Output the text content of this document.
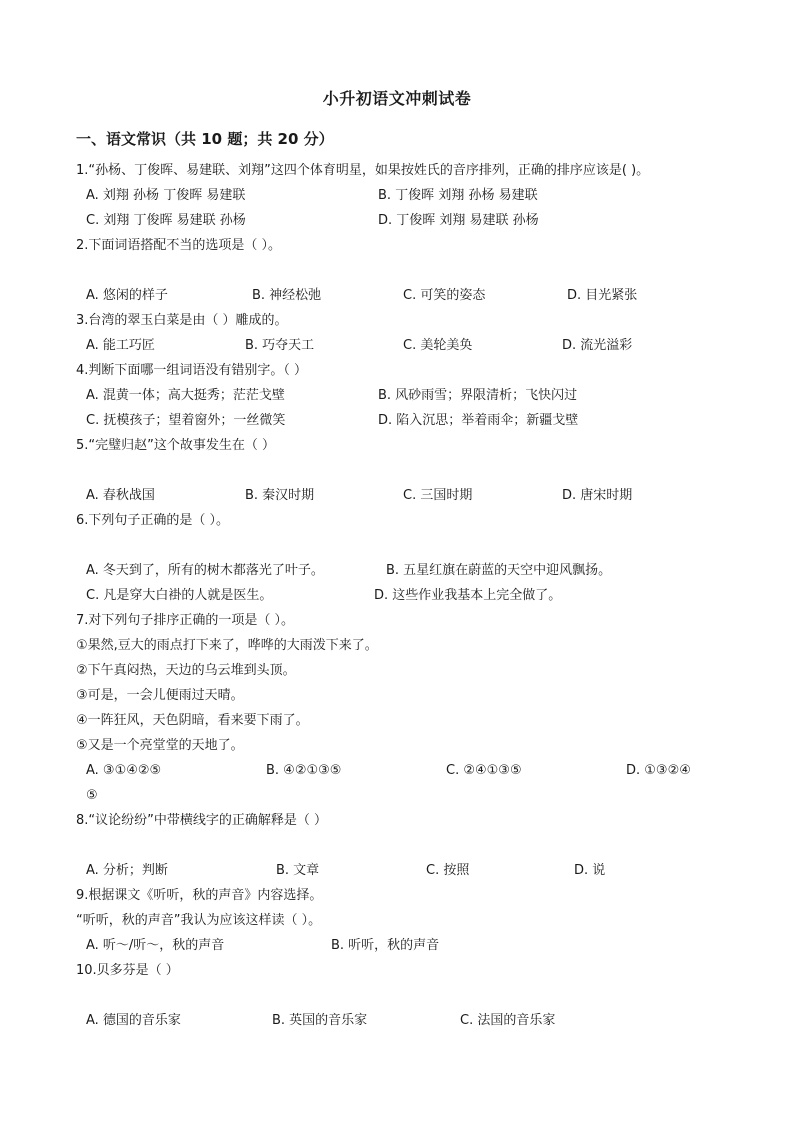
小升初语文冲刺试卷
一、语文常识（共 10 题；共 20 分）
1.“孙杨、丁俊晖、易建联、刘翔”这四个体育明星，如果按姓氏的音序排列，正确的排序应该是( )。
A. 刘翔 孙杨 丁俊晖 易建联	B. 丁俊晖 刘翔 孙杨 易建联
C. 刘翔 丁俊晖 易建联 孙杨	D. 丁俊晖 刘翔 易建联 孙杨
2.下面词语搭配不当的选项是（ ）。
A. 悠闲的样子	B. 神经松弛	C. 可笑的姿态	D. 目光紧张
3.台湾的翠玉白菜是由（ ）雕成的。
A. 能工巧匠	B. 巧夺天工	C. 美轮美奂	D. 流光溢彩
4.判断下面哪一组词语没有错别字。（ ）
A. 混黄一体；高大挺秀；茫茫戈壁	B. 风砂雨雪；界限清析；飞快闪过
C. 抚模孩子；望着窗外；一丝微笑	D. 陷入沉思；举着雨伞；新疆戈壁
5.“完璧归赵”这个故事发生在（ ）
A. 春秋战国	B. 秦汉时期	C. 三国时期	D. 唐宋时期
6.下列句子正确的是（ ）。
A. 冬天到了，所有的树木都落光了叶子。	B. 五星红旗在蔚蓝的天空中迎风飘扬。
C. 凡是穿大白褂的人就是医生。	D. 这些作业我基本上完全做了。
7.对下列句子排序正确的一项是（ ）。
①果然,豆大的雨点打下来了，哗哗的大雨泼下来了。
②下午真闷热，天边的乌云堆到头顶。
③可是，一会儿便雨过天晴。
④一阵狂风，天色阴暗，看来要下雨了。
⑤又是一个亮堂堂的天地了。
A. ③①④②⑤	B. ④②①③⑤	C. ②④①③⑤	D. ①③②④
⑤
8.“议论纷纷”中带横线字的正确解释是（ ）
A. 分析；判断	B. 文章	C. 按照	D. 说
9.根据课文《听听，秋的声音》内容选择。
“听听，秋的声音”我认为应该这样读（ ）。
A. 听～/听～，秋的声音	B. 听听，秋的声音
10.贝多芬是（ ）
A. 德国的音乐家	B. 英国的音乐家	C. 法国的音乐家
